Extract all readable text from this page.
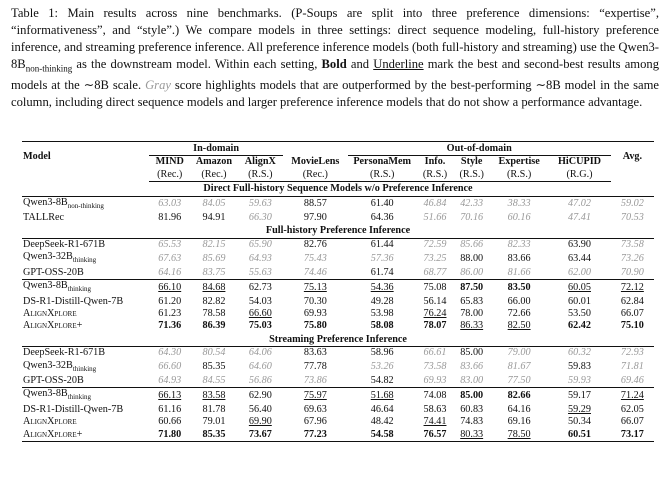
Table 1: Main results across nine benchmarks. (P-Soups are split into three preference dimensions: “expertise”, “informativeness”, and “style”.) We compare models in three settings: direct sequence modeling, full-history preference inference, and streaming preference inference. All preference inference models (both full-history and streaming) use the $Qwen3-8B_{non-thinking}$ as the downstream model. Within each setting, Bold and Underline mark the best and second-best results among models at the ∼8B scale. Gray score highlights models that are outperformed by the best-performing ∼8B model in the same column, including direct sequence models and larger preference inference models that do not show a performance advantage.
Model	In-domain				Out-of-domain					Avg.
	MIND	Amazon	AlignX	MovieLens	PersonaMem	Info.	Style	Expertise	HiCUPID	
	(Rec.)	(Rec.)	(R.S.)	(Rec.)	(R.S.)	(R.S.)	(R.S.)	(R.S.)	(R.G.)	
Direct Full-history Sequence Models w/o Preference Inference										
$Qwen3-8B_{non-thinking}$	63.03	84.05	59.63	88.57	61.40	46.84	42.33	38.33	47.02	59.02
TALLRec	81.96	94.91	66.30	97.90	64.36	51.66	70.16	60.16	47.41	70.53
Full-history Preference Inference										
DeepSeek-R1-671B	65.53	82.15	65.90	82.76	61.44	72.59	85.66	82.33	63.90	73.58
$Qwen3-32B_{thinking}$	67.63	85.69	64.93	75.43	57.36	73.25	88.00	83.66	63.44	73.26
GPT-OSS-20B	64.16	83.75	55.63	74.46	61.74	68.77	86.00	81.66	62.00	70.90
$Qwen3-8B_{thinking}$	66.10	84.68	62.73	75.13	54.36	75.08	87.50	83.50	60.05	72.12
DS-R1-Distill-Qwen-7B	61.20	82.82	54.03	70.30	49.28	56.14	65.83	66.00	60.01	62.84
AlignXplore	61.23	78.58	66.60	69.93	53.98	76.24	78.00	72.66	53.50	66.07
AlignXplore+	71.36	86.39	75.03	75.80	58.08	78.07	86.33	82.50	62.42	75.10
Streaming Preference Inference										
DeepSeek-R1-671B	64.30	80.54	64.06	83.63	58.96	66.61	85.00	79.00	60.32	72.93
$Qwen3-32B_{thinking}$	66.60	85.35	64.60	77.78	53.26	73.58	83.66	81.67	59.83	71.81
GPT-OSS-20B	64.93	84.55	56.86	73.86	54.82	69.93	83.00	77.50	59.93	69.46
$Qwen3-8B_{thinking}$	66.13	83.58	62.90	75.97	51.68	74.08	85.00	82.66	59.17	71.24
DS-R1-Distill-Qwen-7B	61.16	81.78	56.40	69.63	46.64	58.63	60.83	64.16	59.29	62.05
AlignXplore	60.66	79.01	69.90	67.96	48.42	74.41	74.83	69.16	50.34	66.07
AlignXplore+	71.80	85.35	73.67	77.23	54.58	76.57	80.33	78.50	60.51	73.17
